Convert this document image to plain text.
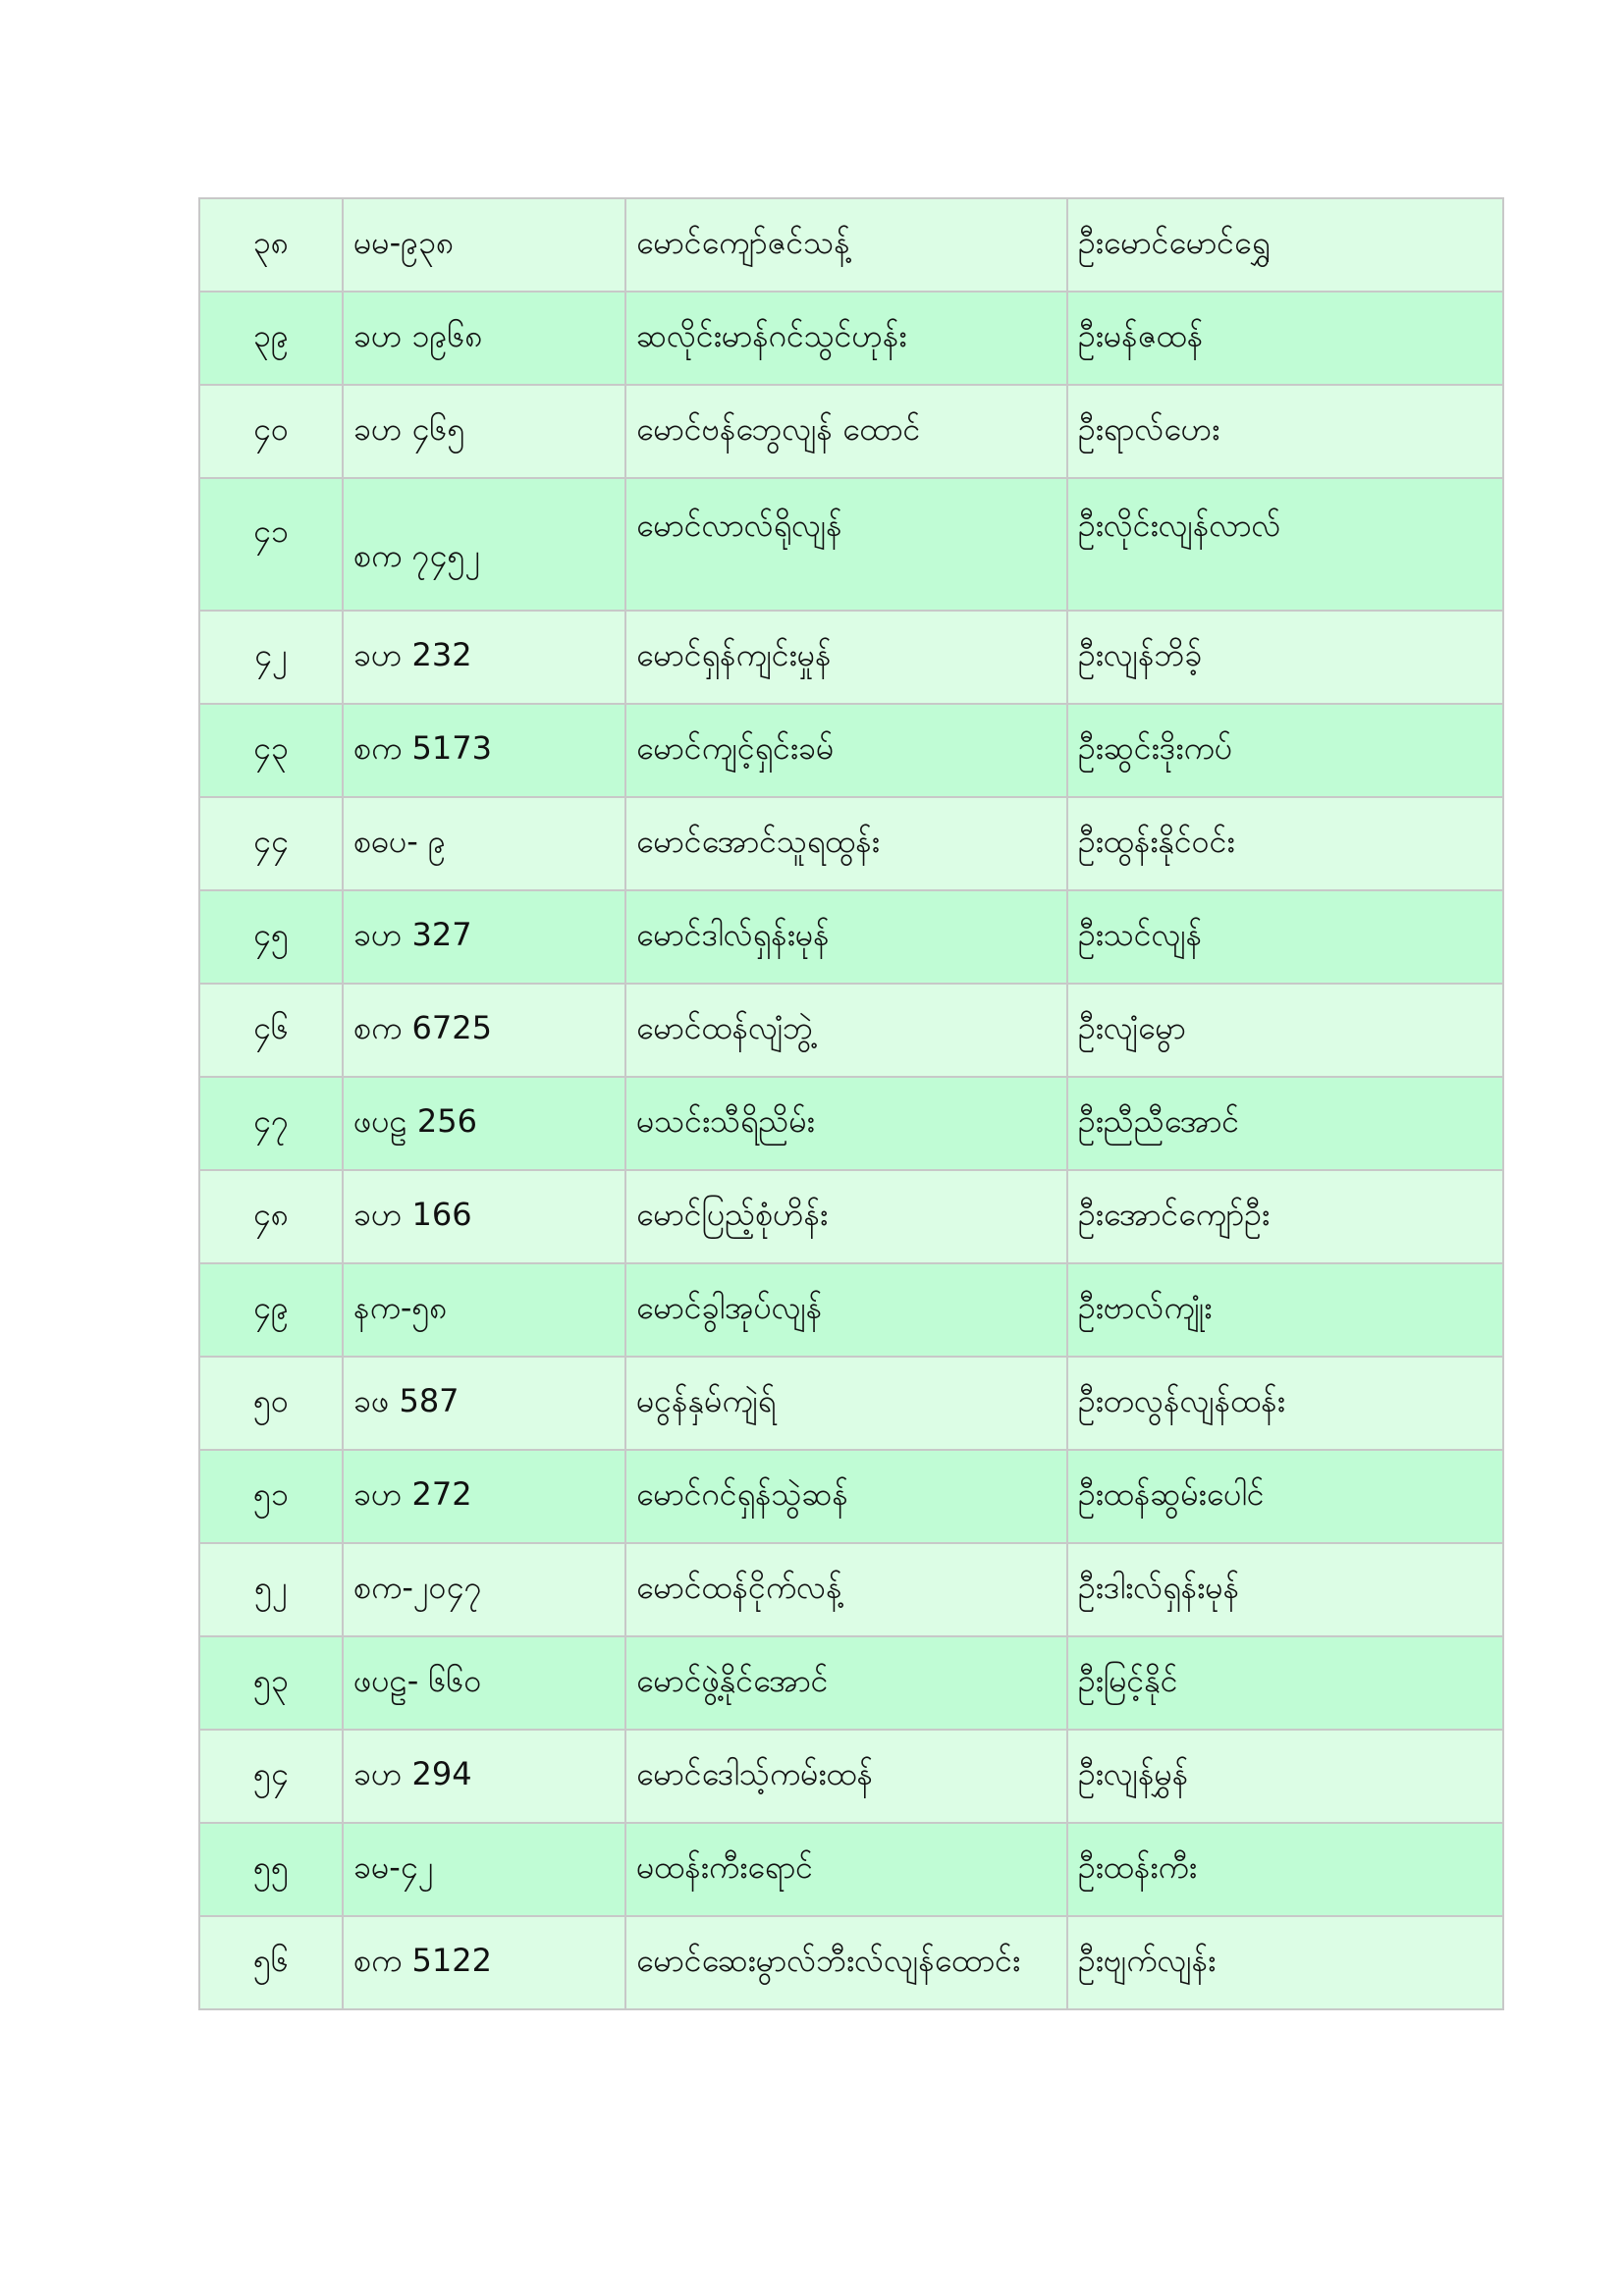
၃၈	မမ-၉၃၈	မောင်ကျော်ဇင်သန့်	ဦးမောင်မောင်ရွှေ
၃၉	ခဟ ၁၉၆၈	ဆလိုင်းမာန်ဂင်သွင်ဟုန်း	ဦးမန်ဇထန်
၄၀	ခဟ ၄၆၅	မောင်ဗန်ဘွေလျန် ထောင်	ဦးရာလ်ဟေး
၄၁	စက ၇၄၅၂	မောင်လာလ်ရိုလျန်	ဦးလိုင်းလျန်လာလ်
၄၂	ခဟ 232	မောင်ရှန်ကျင်းမှုန်	ဦးလျန်ဘိခ့်
၄၃	စက 5173	မောင်ကျင့်ရှင်းခမ်	ဦးဆွင်းဒိုးကပ်
၄၄	စဓပ- ၉	မောင်အောင်သူရထွန်း	ဦးထွန်းနိုင်ဝင်း
၄၅	ခဟ 327	မောင်ဒါလ်ရှန်းမုန်	ဦးသင်လျန်
၄၆	စက 6725	မောင်ထန်လျံဘွဲ့	ဦးလျံမွော
၄၇	ဖပဠ 256	မသင်းသီရိညိမ်း	ဦးညီညီအောင်
၄၈	ခဟ 166	မောင်ပြည့်စုံဟိန်း	ဦးအောင်ကျော်ဦး
၄၉	နက-၅၈	မောင်ခွါအုပ်လျန်	ဦးဗာလ်ကျုံး
၅၀	ခဖ 587	မငွန်နှမ်ကျဲရ်	ဦးတလွန်လျန်ထန်း
၅၁	ခဟ 272	မောင်ဂင်ရှန်သွဲဆန်	ဦးထန်ဆွမ်းပေါင်
၅၂	စက-၂၀၄၇	မောင်ထန်ငိုက်လန့်	ဦးဒါးလ်ရှန်းမုန်
၅၃	ဖပဠ- ၆၆၀	မောင်ဖွဲ့နိုင်အောင်	ဦးမြင့်နိုင်
၅၄	ခဟ 294	မောင်ဒေါသ့်ကမ်းထန်	ဦးလျန်မွှန်
၅၅	ခမ-၄၂	မထန်းကီးရောင်	ဦးထန်းကီး
၅၆	စက 5122	မောင်ဆေးမွာလ်ဘီးလ်လျန်ထောင်း	ဦးဗျက်လျန်း
